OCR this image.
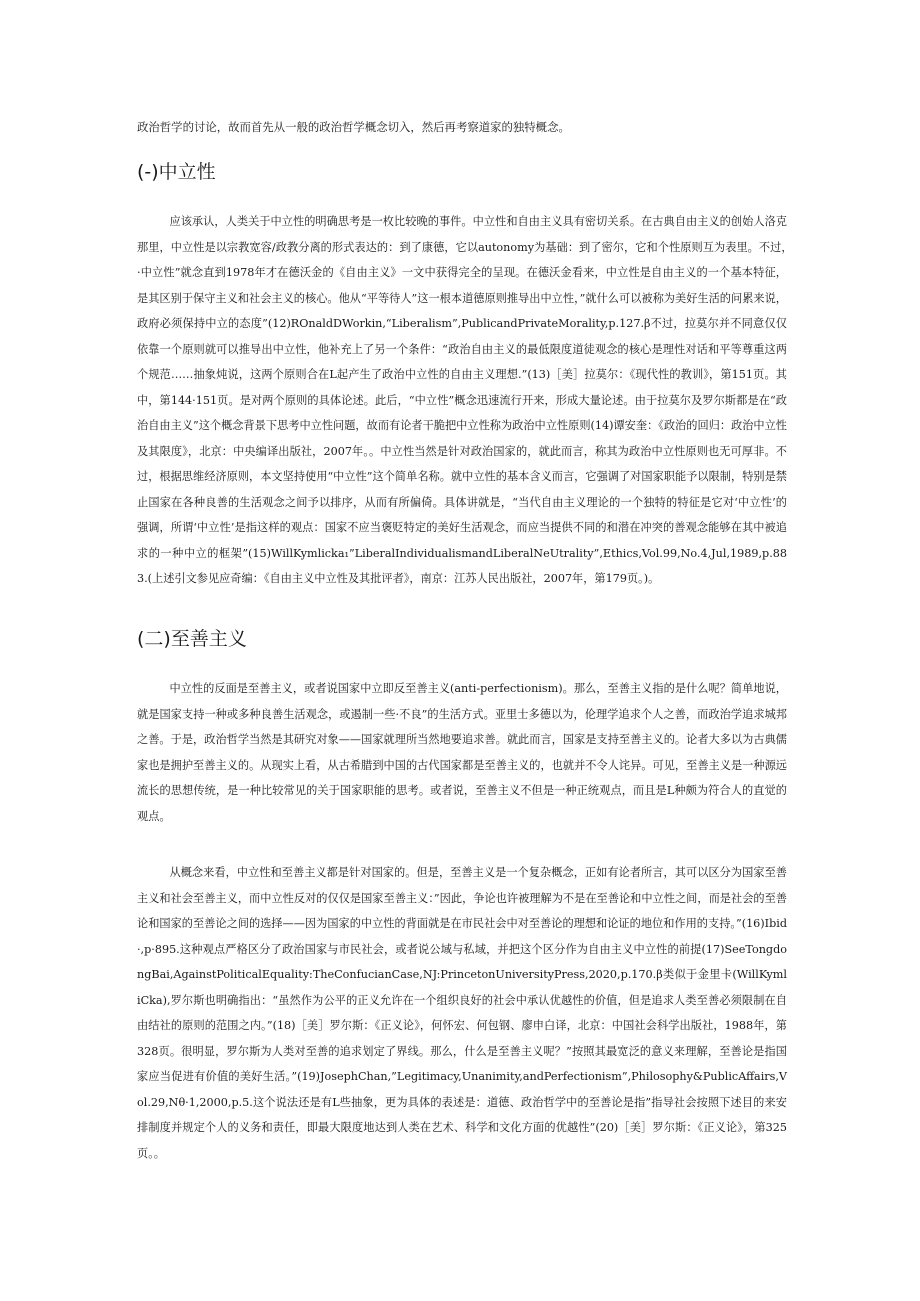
政治哲学的讨论，故而首先从一般的政治哲学概念切入，然后再考察道家的独特概念。
(-)中立性

应该承认，人类关于中立性的明确思考是一枚比较晚的事件。中立性和自由主义具有密切关系。在古典自由主义的创始人洛克那里，中立性是以宗教宽容/政教分离的形式表达的：到了康德，它以autonomy为基础：到了密尔，它和个性原则互为表里。不过，·中立性”就念直到1978年才在德沃金的《自由主义》一文中获得完全的呈现。在德沃金看来，中立性是自由主义的一个基本特征，是其区别于保守主义和社会主义的核心。他从“平等待人”这一根本道德原则推导出中立性，”就什么可以被称为美好生活的问累来说，政府必须保持中立的态度”(12)ROnaldDWorkin,“Liberalism”,PublicandPrivateMorality,p.127.β不过，拉莫尔并不同意仅仅依靠一个原则就可以推导出中立性，他补充上了另一个条件：“政治自由主义的最低限度道徒观念的核心是理性对话和平等尊重这两个规范……抽象炖说，这两个原则合在L起产生了政治中立性的自由主义理想.”(13)［美］拉莫尔：《现代性的教训》，第151页。其中，第144·151页。是对两个原则的具体论述。此后，“中立性”概念迅速流行开来，形成大量论述。由于拉莫尔及罗尔斯都是在“政治自由主义”这个概念背景下思考中立性问题，故而有论者干脆把中立性称为政治中立性原则(14)谭安奎：《政治的回归：政治中立性及其限度》，北京：中央编译出版社，2007年。。中立性当然是针对政治国家的，就此而言，称其为政治中立性原则也无可厚非。不过，根据思维经济原则，本文坚持使用“中立性”这个简单名称。就中立性的基本含义而言，它强调了对国家职能予以限制，特别是禁止国家在各种良善的生活观念之间予以排序，从而有所偏倚。具体讲就是，“当代自由主义理论的一个独特的特征是它对‘中立性’的强调，所谓‘中立性’是指这样的观点：国家不应当褒贬特定的美好生活观念，而应当提供不同的和潜在冲突的善观念能够在其中被追求的一种中立的框架”(15)WillKymlicka₁”LiberalIndividualismandLiberalNeUtrality”,Ethics,Vol.99,No.4,Jul,1989,p.883.(上述引文参见应奇编：《自由主义中立性及其批评者》，南京：江苏人民出版社，2007年，第179页。)。

(二)至善主义

中立性的反面是至善主义，或者说国家中立即反至善主义(anti-perfectionism)。那么，至善主义指的是什么呢？简单地说，就是国家支持一种或多种良善生活观念，或遏制一些·不良”的生活方式。亚里士多德以为，伦理学追求个人之善，而政治学追求城邦之善。于是，政治哲学当然是其研究对象——国家就理所当然地要追求善。就此而言，国家是支持至善主义的。论者大多以为古典儒家也是拥护至善主义的。从现实上看，从古希腊到中国的古代国家都是至善主义的，也就并不令人诧异。可见，至善主义是一种源远流长的思想传统，是一种比较常见的关于国家职能的思考。或者说，至善主义不但是一种正统观点，而且是L种颇为符合人的直觉的观点。

从概念来看，中立性和至善主义都是针对国家的。但是，至善主义是一个复杂概念，正如有论者所言，其可以区分为国家至善主义和社会至善主义，而中立性反对的仅仅是国家至善主义：”因此，争论也许被理解为不是在至善论和中立性之间，而是社会的至善论和国家的至善论之间的选择——因为国家的中立性的背面就是在市民社会中对至善论的理想和论证的地位和作用的支持。”(16)Ibid·,p·895.这种观点严格区分了政治国家与市民社会，或者说公域与私域，并把这个区分作为自由主义中立性的前提(17)SeeTongdongBai,AgainstPoliticalEquality:TheConfucianCase,NJ:PrincetonUniversityPress,2020,p.170.β类似于金里卡(WillKymliCka),罗尔斯也明确指出：“虽然作为公平的正义允许在一个组织良好的社会中承认优越性的价值，但是追求人类至善必须限制在自由结社的原则的范围之内。”(18)［美］罗尔斯：《正义论》，何怀宏、何包钢、廖申白译，北京：中国社会科学出版社，1988年，第328页。很明显，罗尔斯为人类对至善的追求划定了界线。那么，什么是至善主义呢？”按照其最宽泛的意义来理解，至善论是指国家应当促进有价值的美好生活。”(19)JosephChan,”Legitimacy,Unanimity,andPerfectionism”,Philosophy&PublicAffairs,Vol.29,Nθ·1,2000,p.5.这个说法还是有L些抽象，更为具体的表述是：道德、政治哲学中的至善论是指”指导社会按照下述目的来安排制度并规定个人的义务和责任，即最大限度地达到人类在艺术、科学和文化方面的优越性”(20)［美］罗尔斯：《正义论》，第325页。。
